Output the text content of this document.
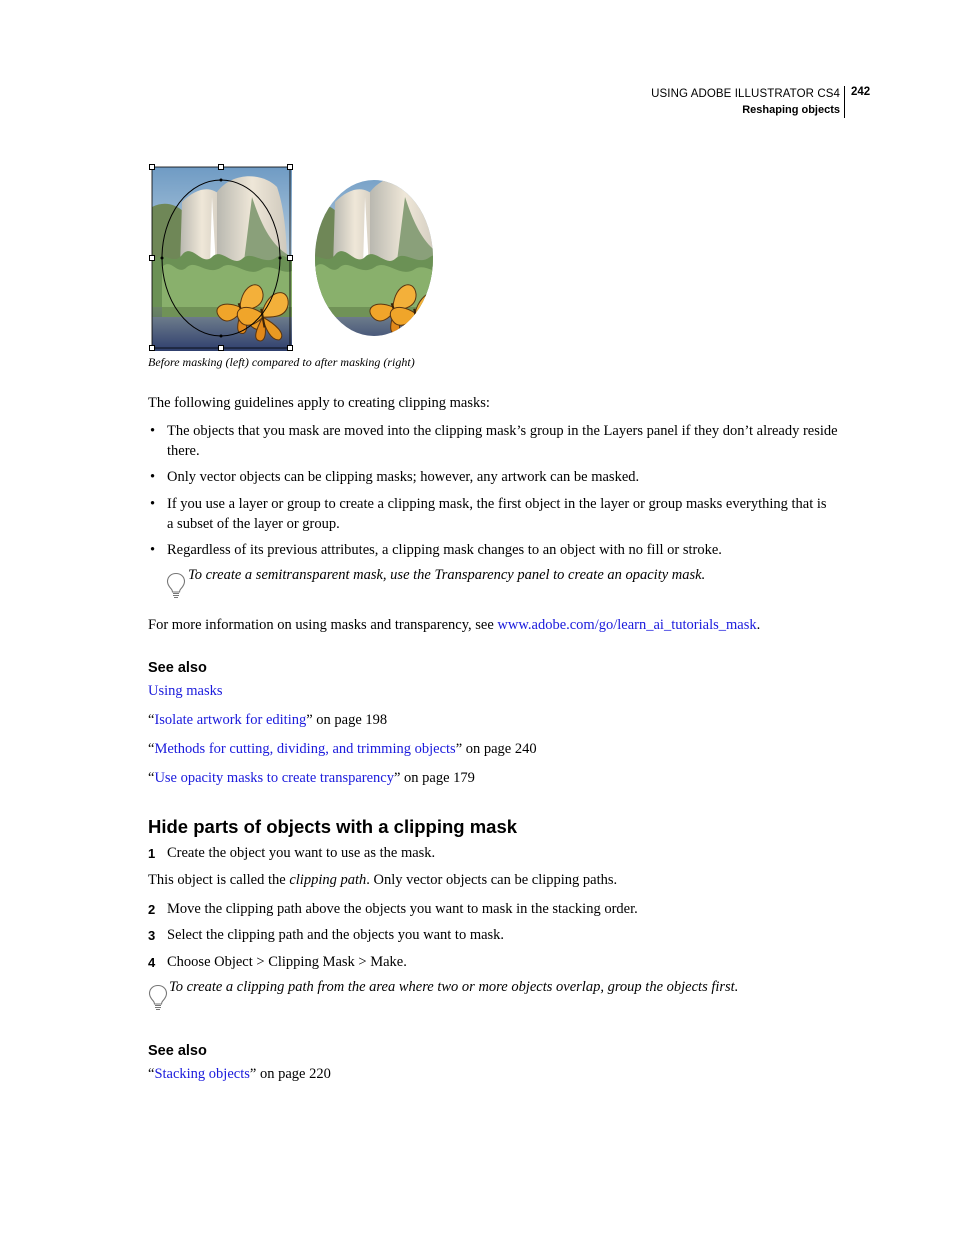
USING ADOBE ILLUSTRATOR CS4
Reshaping objects
242
Before masking (left) compared to after masking (right)
The following guidelines apply to creating clipping masks:
• The objects that you mask are moved into the clipping mask’s group in the Layers panel if they don’t already reside
there.
• Only vector objects can be clipping masks; however, any artwork can be masked.
• If you use a layer or group to create a clipping mask, the first object in the layer or group masks everything that is
a subset of the layer or group.
• Regardless of its previous attributes, a clipping mask changes to an object with no fill or stroke.
To create a semitransparent mask, use the Transparency panel to create an opacity mask.
For more information on using masks and transparency, see www.adobe.com/go/learn_ai_tutorials_mask.
See also
Using masks
“Isolate artwork for editing” on page 198
“Methods for cutting, dividing, and trimming objects” on page 240
“Use opacity masks to create transparency” on page 179
Hide parts of objects with a clipping mask
1 Create the object you want to use as the mask.
This object is called the clipping path. Only vector objects can be clipping paths.
2 Move the clipping path above the objects you want to mask in the stacking order.
3 Select the clipping path and the objects you want to mask.
4 Choose Object > Clipping Mask > Make.
To create a clipping path from the area where two or more objects overlap, group the objects first.
See also
“Stacking objects” on page 220
